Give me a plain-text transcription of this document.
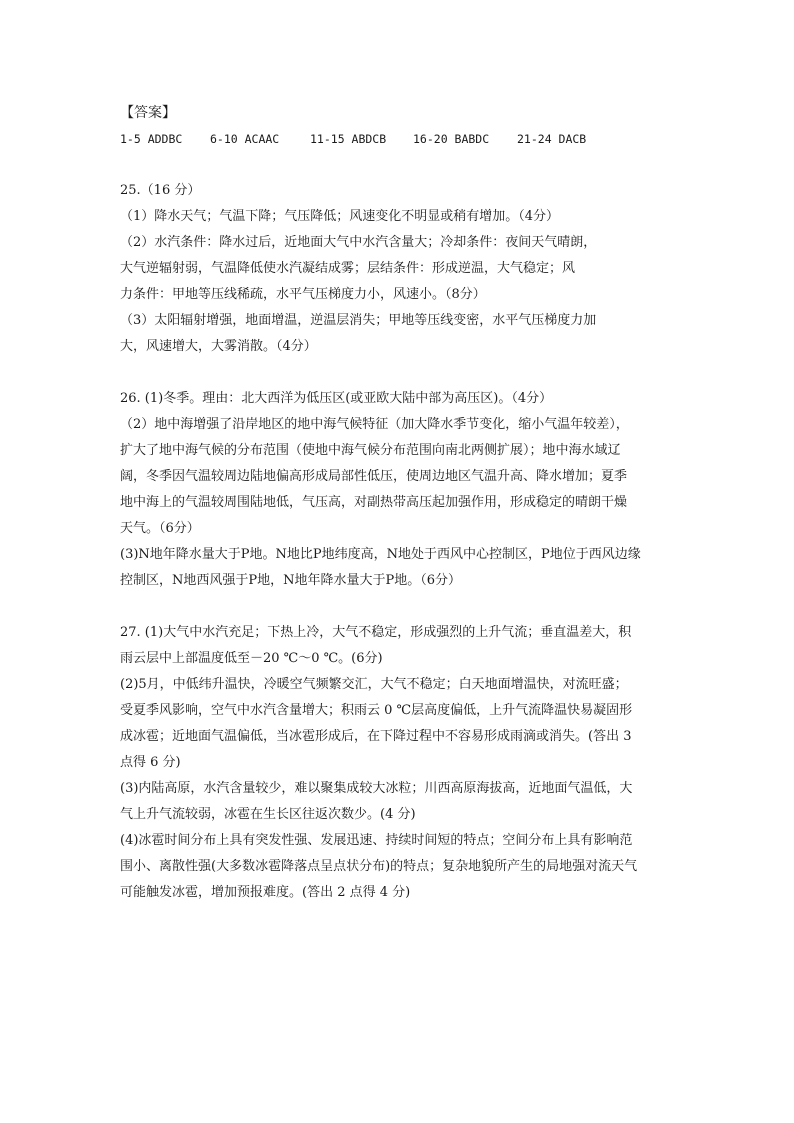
【答案】
1-5 ADDBC 6-10 ACAAC	11-15 ABDCB 16-20 BABDC 21-24 DACB
25.（16 分）
（1）降水天气；气温下降；气压降低；风速变化不明显或稍有增加。（4分）
（2）水汽条件：降水过后，近地面大气中水汽含量大；冷却条件：夜间天气晴朗，
大气逆辐射弱，气温降低使水汽凝结成雾；层结条件：形成逆温，大气稳定；风
力条件：甲地等压线稀疏，水平气压梯度力小，风速小。（8分）
（3）太阳辐射增强，地面增温，逆温层消失；甲地等压线变密，水平气压梯度力加
大，风速增大，大雾消散。（4分）
26. (1)冬季。理由：北大西洋为低压区(或亚欧大陆中部为高压区)。（4分）
（2）地中海增强了沿岸地区的地中海气候特征（加大降水季节变化，缩小气温年较差），
扩大了地中海气候的分布范围（使地中海气候分布范围向南北两侧扩展）；地中海水域辽
阔，冬季因气温较周边陆地偏高形成局部性低压，使周边地区气温升高、降水增加；夏季
地中海上的气温较周围陆地低，气压高，对副热带高压起加强作用，形成稳定的晴朗干燥
天气。（6分）
(3)N地年降水量大于P地。N地比P地纬度高，N地处于西风中心控制区，P地位于西风边缘
控制区，N地西风强于P地，N地年降水量大于P地。（6分）
27. (1)大气中水汽充足；下热上冷，大气不稳定，形成强烈的上升气流；垂直温差大，积
雨云层中上部温度低至－20 ℃～0 ℃。(6分)
(2)5月，中低纬升温快，冷暖空气频繁交汇，大气不稳定；白天地面增温快，对流旺盛；
受夏季风影响，空气中水汽含量增大；积雨云 0 ℃层高度偏低，上升气流降温快易凝固形
成冰雹；近地面气温偏低，当冰雹形成后，在下降过程中不容易形成雨滴或消失。(答出 3
点得 6 分)
(3)内陆高原，水汽含量较少，难以聚集成较大冰粒；川西高原海拔高，近地面气温低，大
气上升气流较弱，冰雹在生长区往返次数少。(4 分)
(4)冰雹时间分布上具有突发性强、发展迅速、持续时间短的特点；空间分布上具有影响范
围小、离散性强(大多数冰雹降落点呈点状分布)的特点；复杂地貌所产生的局地强对流天气
可能触发冰雹，增加预报难度。(答出 2 点得 4 分)
